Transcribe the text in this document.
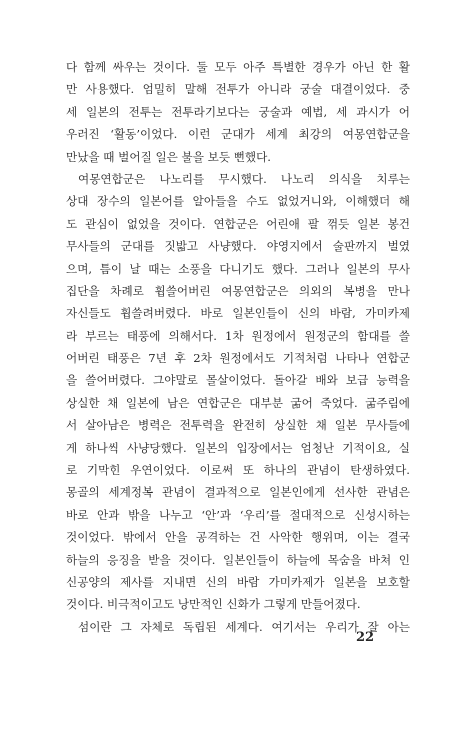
다 함께 싸우는 것이다. 둘 모두 아주 특별한 경우가 아닌 한 활
만 사용했다. 엄밀히 말해 전투가 아니라 궁술 대결이었다. 중
세 일본의 전투는 전투라기보다는 궁술과 예법, 세 과시가 어
우러진 ‘활동’이었다. 이런 군대가 세계 최강의 여몽연합군을
만났을 때 벌어질 일은 불을 보듯 뻔했다.
여몽연합군은 나노리를 무시했다. 나노리 의식을 치루는
상대 장수의 일본어를 알아들을 수도 없었거니와, 이해했더 해
도 관심이 없었을 것이다. 연합군은 어린애 팔 꺾듯 일본 봉건
무사들의 군대를 짓밟고 사냥했다. 야영지에서 술판까지 벌였
으며, 틈이 날 때는 소풍을 다니기도 했다. 그러나 일본의 무사
집단을 차례로 휩쓸어버린 여몽연합군은 의외의 복병을 만나
자신들도 휩쓸려버렸다. 바로 일본인들이 신의 바람, 가미카제
라 부르는 태풍에 의해서다. 1차 원정에서 원정군의 함대를 쓸
어버린 태풍은 7년 후 2차 원정에서도 기적처럼 나타나 연합군
을 쓸어버렸다. 그야말로 몰살이었다. 돌아갈 배와 보급 능력을
상실한 채 일본에 남은 연합군은 대부분 굶어 죽었다. 굶주림에
서 살아남은 병력은 전투력을 완전히 상실한 채 일본 무사들에
게 하나씩 사냥당했다. 일본의 입장에서는 엄청난 기적이요, 실
로 기막힌 우연이었다. 이로써 또 하나의 관념이 탄생하였다.
몽골의 세계정복 관념이 결과적으로 일본인에게 선사한 관념은
바로 안과 밖을 나누고 ‘안’과 ‘우리’를 절대적으로 신성시하는
것이었다. 밖에서 안을 공격하는 건 사악한 행위며, 이는 결국
하늘의 응징을 받을 것이다. 일본인들이 하늘에 목숨을 바쳐 인
신공양의 제사를 지내면 신의 바람 가미카제가 일본을 보호할
것이다. 비극적이고도 낭만적인 신화가 그렇게 만들어졌다.
섬이란 그 자체로 독립된 세계다. 여기서는 우리가 잘 아는
22
